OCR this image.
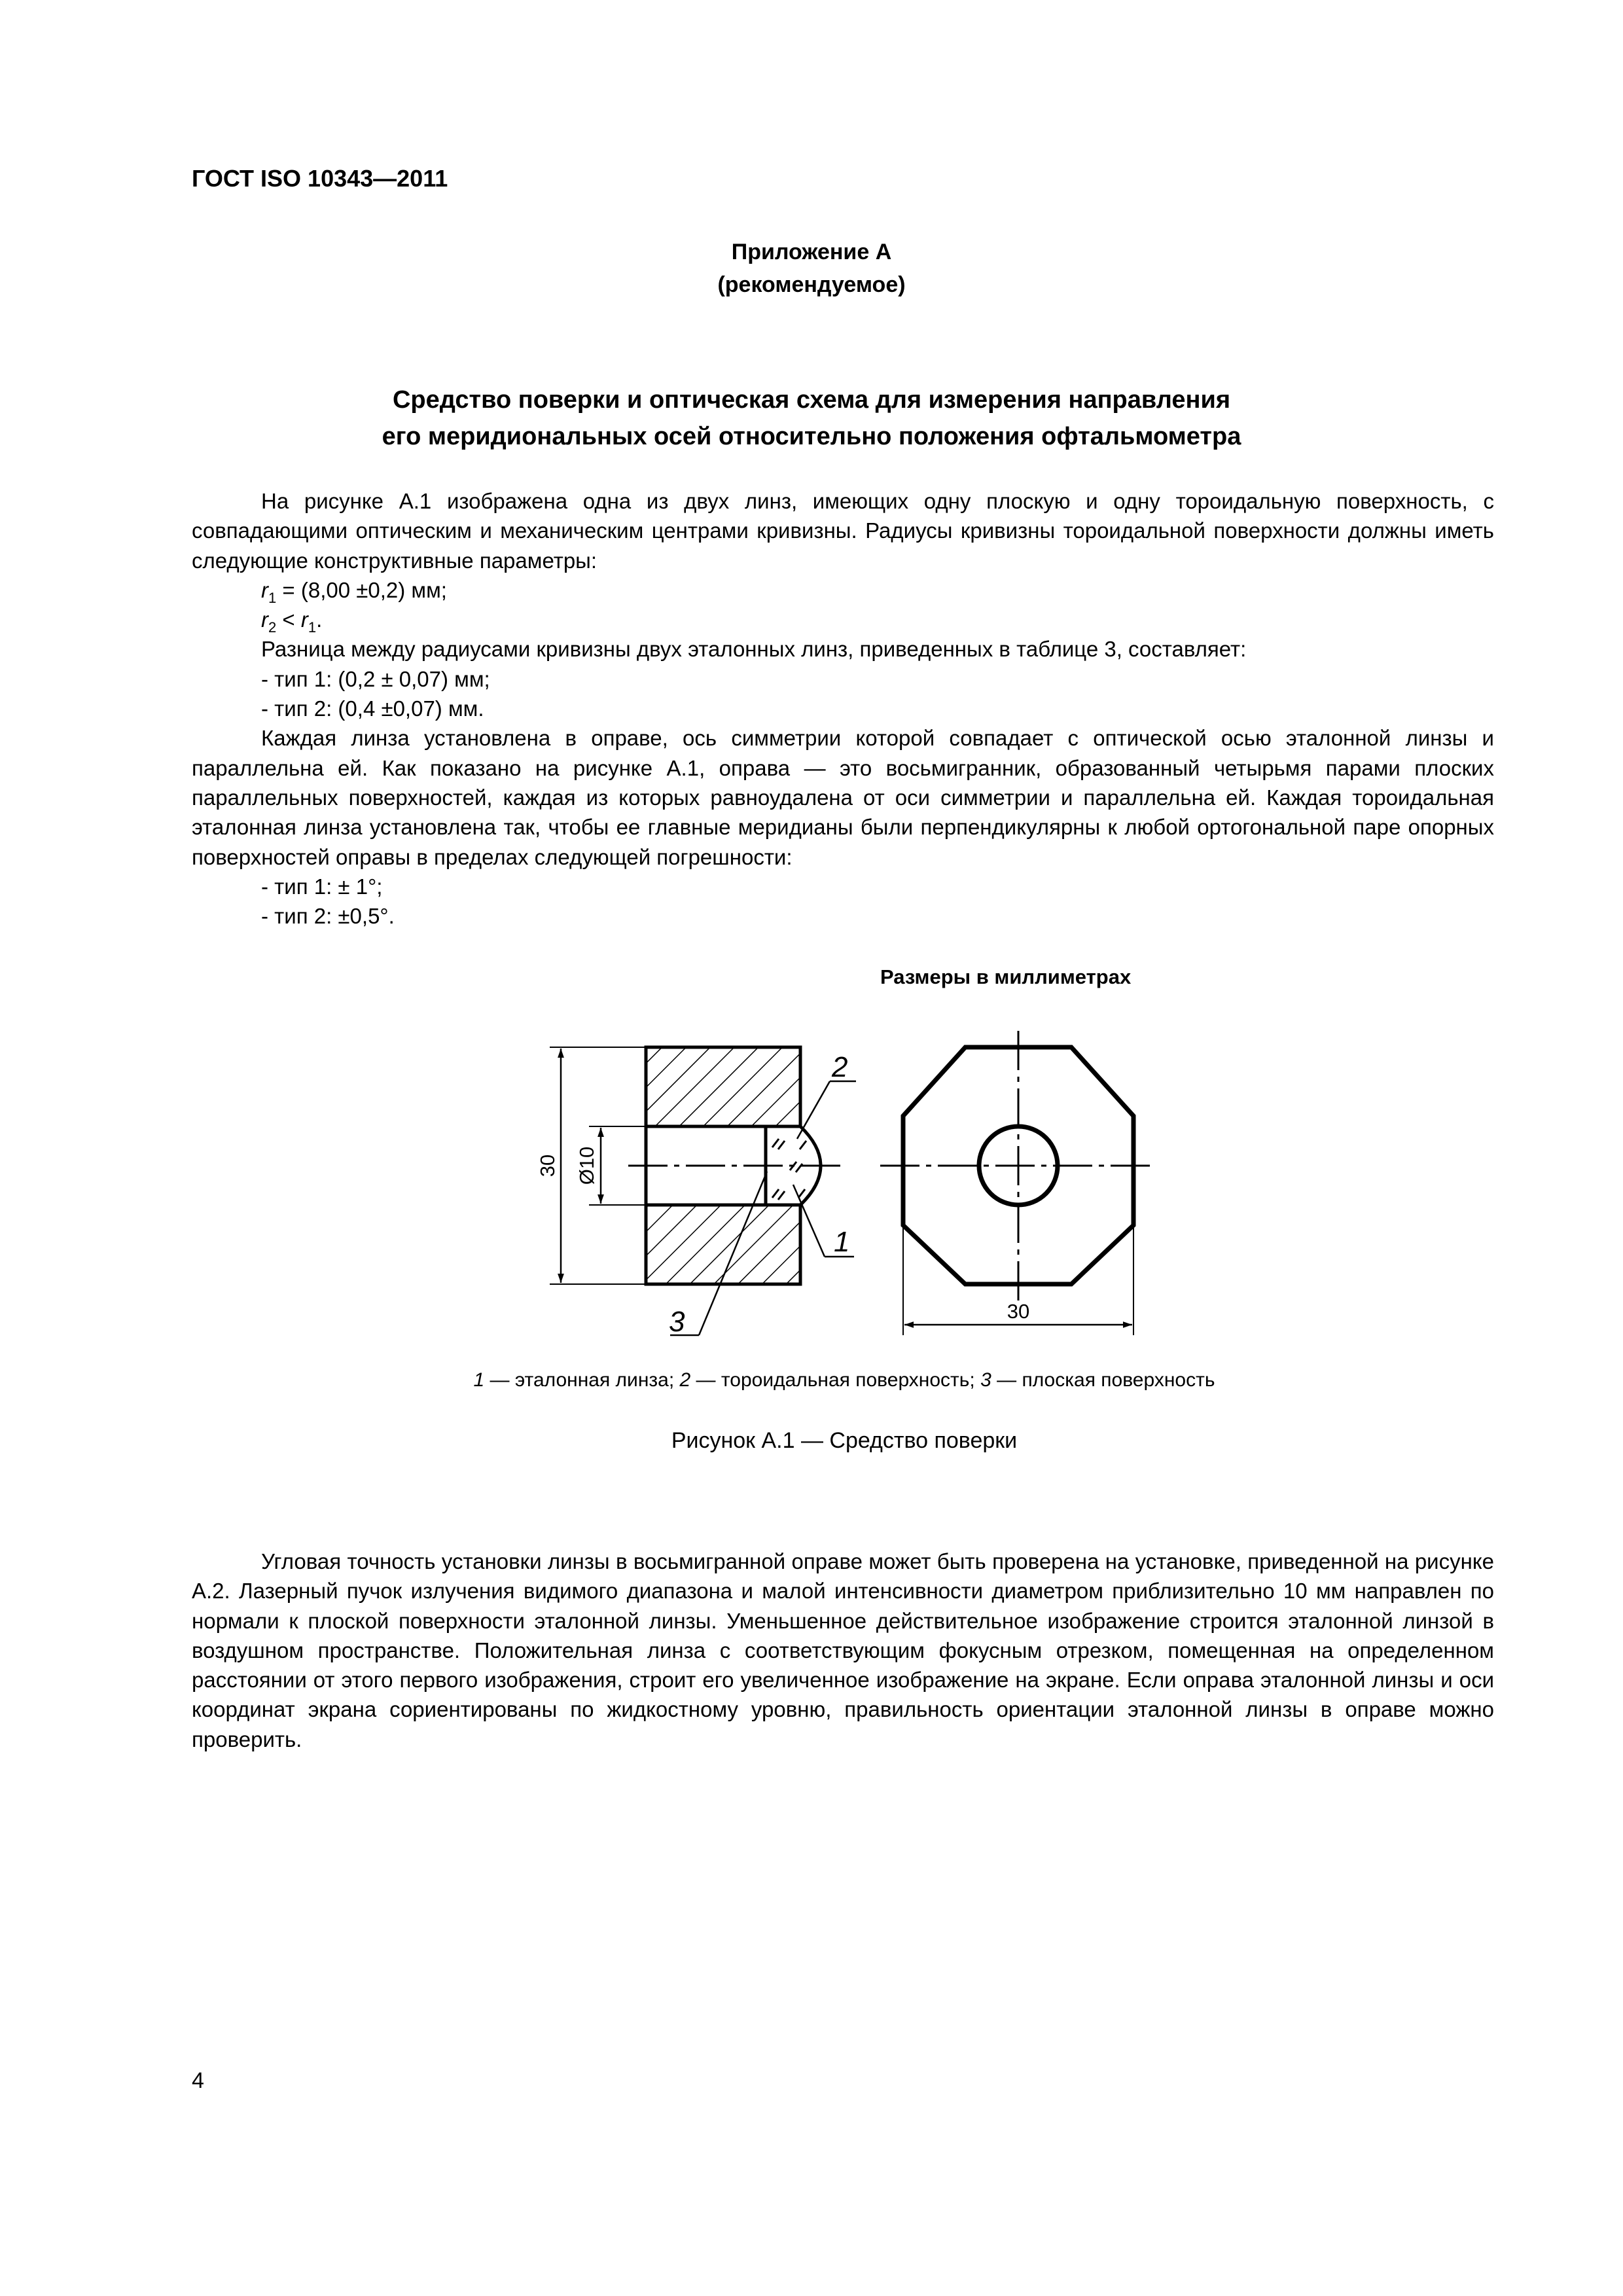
ГОСТ ISO 10343—2011
Приложение А
(рекомендуемое)
Средство поверки и оптическая схема для измерения направления
его меридиональных осей относительно положения офтальмометра

На рисунке А.1 изображена одна из двух линз, имеющих одну плоскую и одну тороидальную поверхность, с совпадающими оптическим и механическим центрами кривизны. Радиусы кривизны тороидальной поверхности должны иметь следующие конструктивные параметры:

$r_1 = (8,00 \pm 0,2)$ мм;

$r_2 < r_1$.

Разница между радиусами кривизны двух эталонных линз, приведенных в таблице 3, составляет:

- тип 1: (0,2 ± 0,07) мм;

- тип 2: (0,4 ±0,07) мм.

Каждая линза установлена в оправе, ось симметрии которой совпадает с оптической осью эталонной линзы и параллельна ей. Как показано на рисунке А.1, оправа — это восьмигранник, образованный четырьмя парами плоских параллельных поверхностей, каждая из которых равноудалена от оси симметрии и параллельна ей. Каждая тороидальная эталонная линза установлена так, чтобы ее главные меридианы были перпендикулярны к любой ортогональной паре опорных поверхностей оправы в пределах следующей погрешности:

- тип 1: ± 1°;

- тип 2: ±0,5°.

Размеры в миллиметрах
30 Ø10
2
1
3	30
1 — эталонная линза; 2 — тороидальная поверхность; 3 — плоская поверхность
Рисунок А.1 — Средство поверки

Угловая точность установки линзы в восьмигранной оправе может быть проверена на установке, приведенной на рисунке А.2. Лазерный пучок излучения видимого диапазона и малой интенсивности диаметром приблизительно 10 мм направлен по нормали к плоской поверхности эталонной линзы. Уменьшенное действительное изображение строится эталонной линзой в воздушном пространстве. Положительная линза с соответствующим фокусным отрезком, помещенная на определенном расстоянии от этого первого изображения, строит его увеличенное изображение на экране. Если оправа эталонной линзы и оси координат экрана сориентированы по жидкостному уровню, правильность ориентации эталонной линзы в оправе можно проверить.

4
